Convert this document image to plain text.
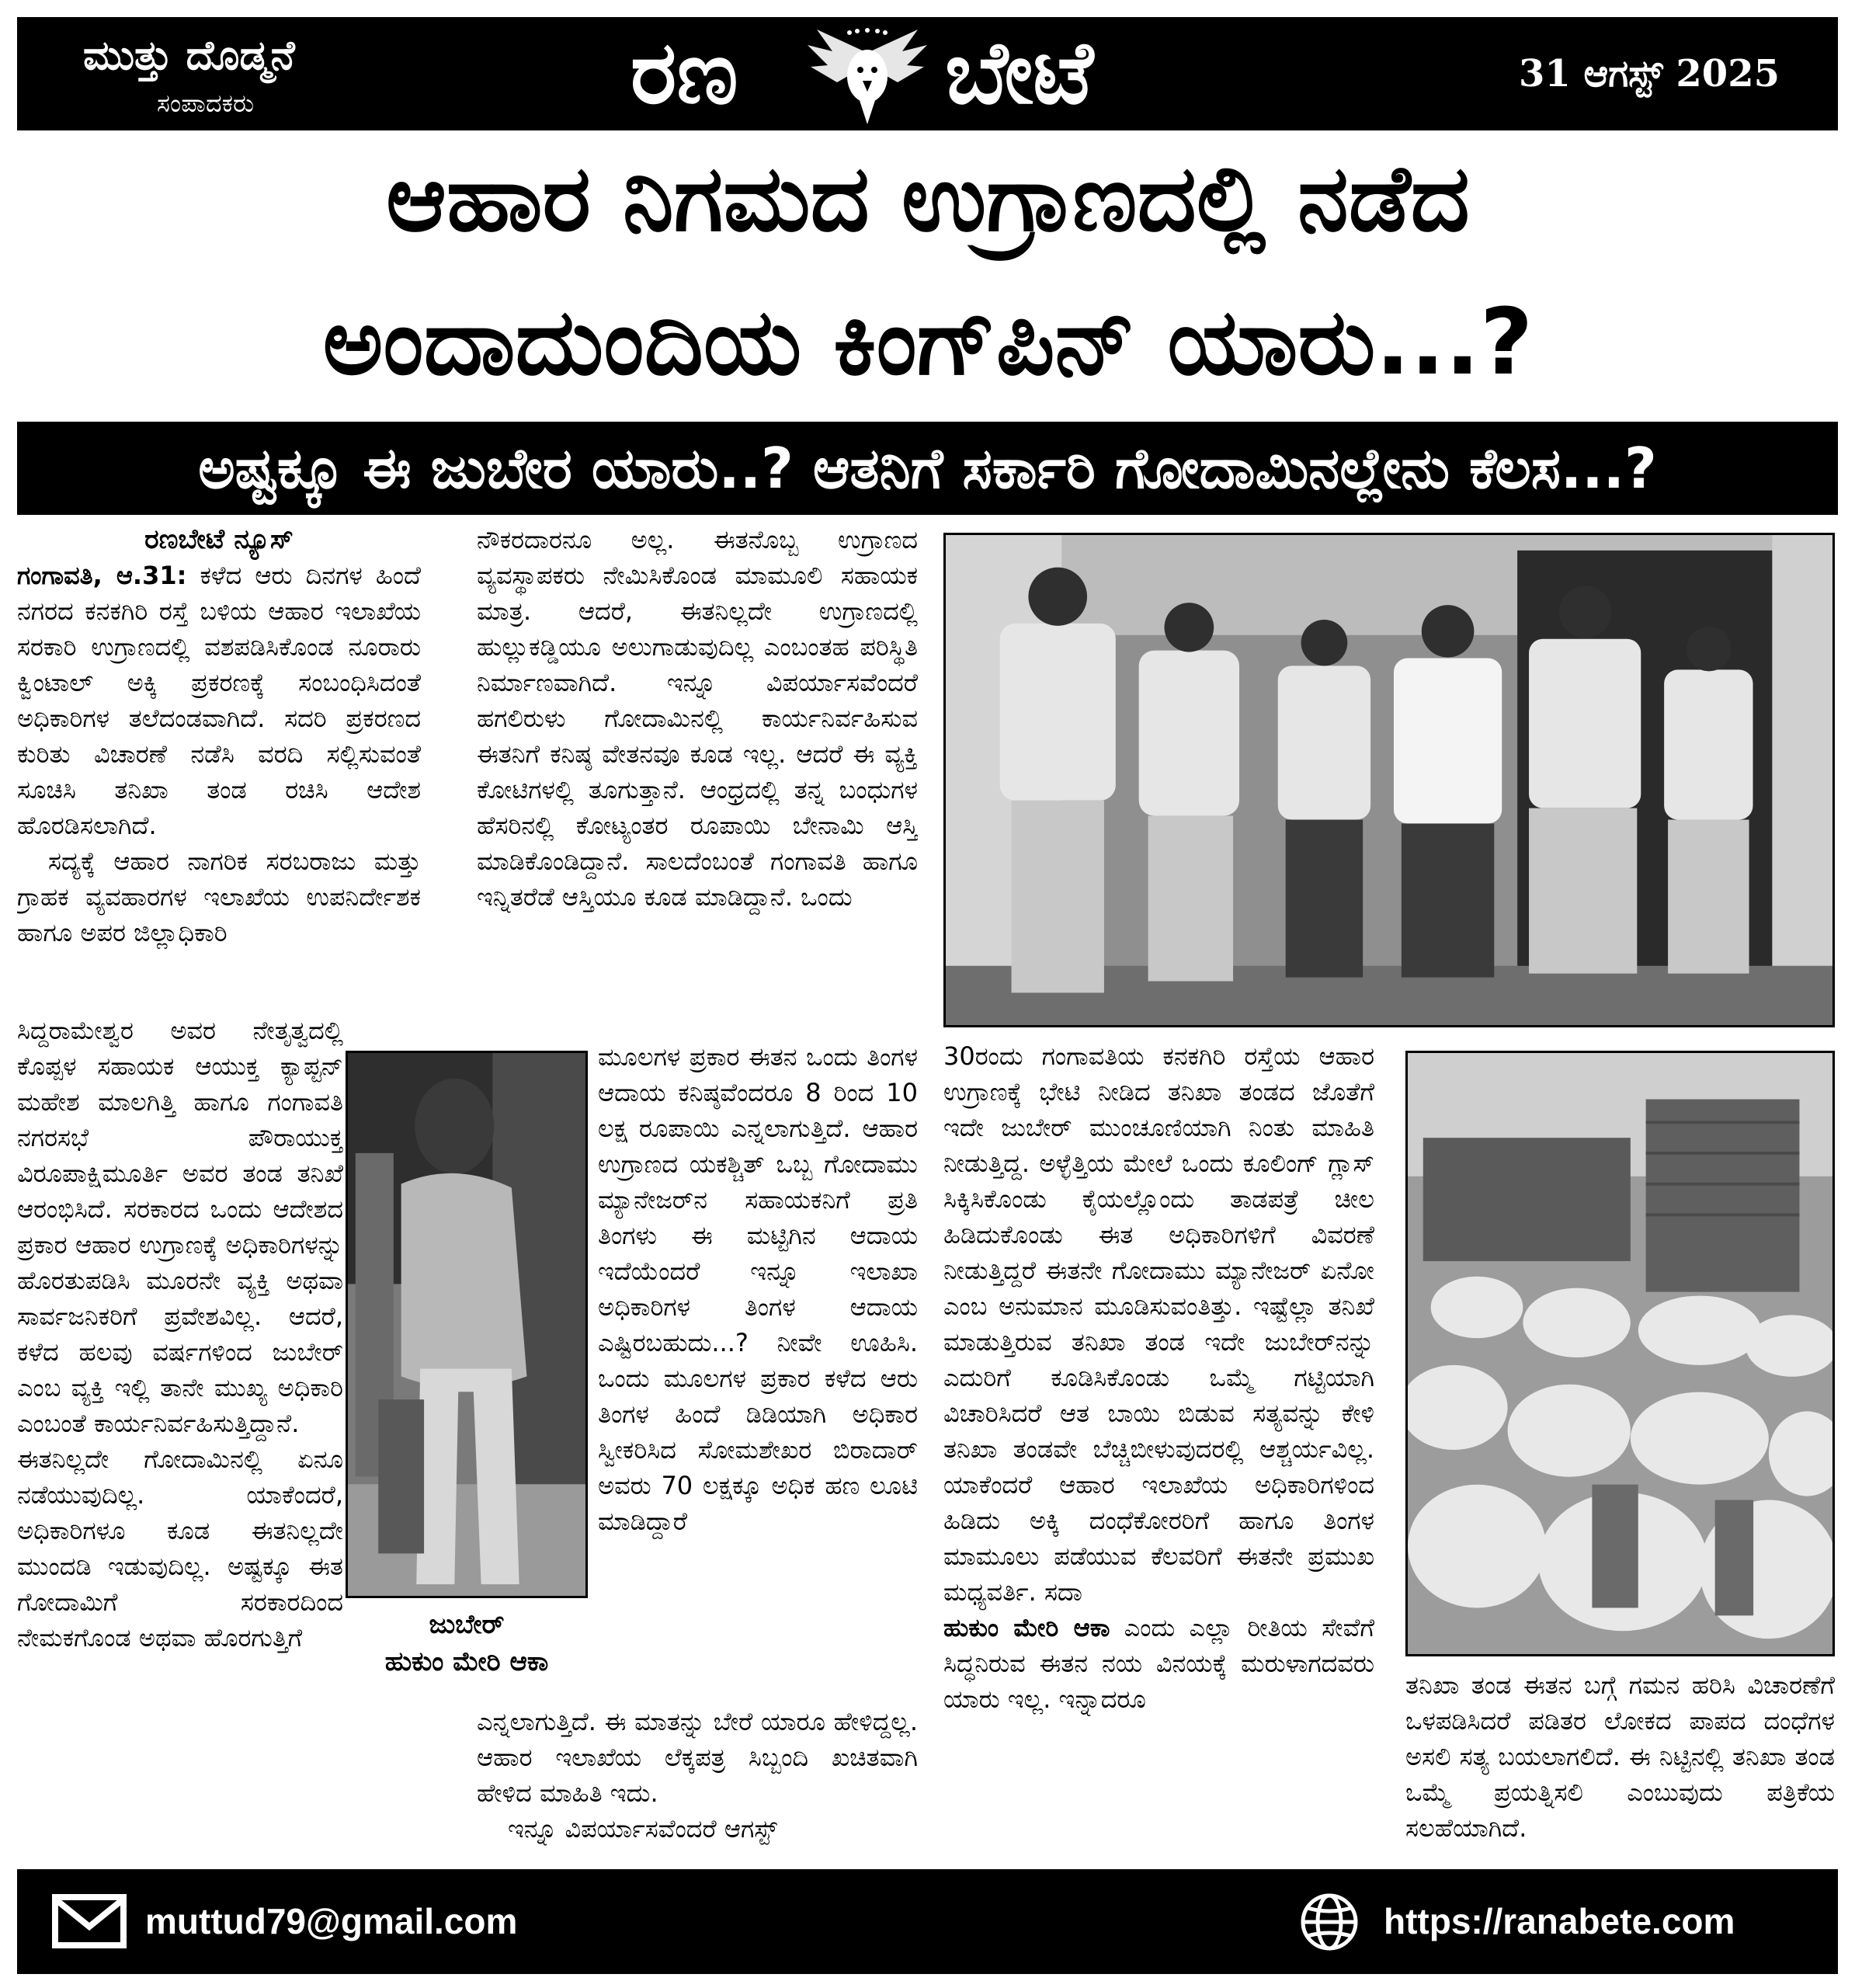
ಮುತ್ತು ದೊಡ್ಮನೆ
ಸಂಪಾದಕರು	ರಣ ಬೇಟೆ	31 ಆಗಸ್ಟ್ 2025
ಆಹಾರ ನಿಗಮದ ಉಗ್ರಾಣದಲ್ಲಿ ನಡೆದ
ಅಂದಾದುಂದಿಯ ಕಿಂಗ್‌ಪಿನ್ ಯಾರು...?
ಅಷ್ಟಕ್ಕೂ ಈ ಜುಬೇರ ಯಾರು..? ಆತನಿಗೆ ಸರ್ಕಾರಿ ಗೋದಾಮಿನಲ್ಲೇನು ಕೆಲಸ...?

ರಣಬೇಟೆ ನ್ಯೂಸ್

ಗಂಗಾವತಿ, ಆ.31: ಕಳೆದ ಆರು ದಿನಗಳ ಹಿಂದೆ ನಗರದ ಕನಕಗಿರಿ ರಸ್ತೆ ಬಳಿಯ ಆಹಾರ ಇಲಾಖೆಯ ಸರಕಾರಿ ಉಗ್ರಾಣದಲ್ಲಿ ವಶಪಡಿಸಿಕೊಂಡ ನೂರಾರು ಕ್ವಿಂಟಾಲ್ ಅಕ್ಕಿ ಪ್ರಕರಣಕ್ಕೆ ಸಂಬಂಧಿಸಿದಂತೆ ಅಧಿಕಾರಿಗಳ ತಲೆದಂಡವಾಗಿದೆ. ಸದರಿ ಪ್ರಕರಣದ ಕುರಿತು ವಿಚಾರಣೆ ನಡೆಸಿ ವರದಿ ಸಲ್ಲಿಸುವಂತೆ ಸೂಚಿಸಿ ತನಿಖಾ ತಂಡ ರಚಿಸಿ ಆದೇಶ ಹೊರಡಿಸಲಾಗಿದೆ.

ಸದ್ಯಕ್ಕೆ ಆಹಾರ ನಾಗರಿಕ ಸರಬರಾಜು ಮತ್ತು ಗ್ರಾಹಕ ವ್ಯವಹಾರಗಳ ಇಲಾಖೆಯ ಉಪನಿರ್ದೇಶಕ ಹಾಗೂ ಅಪರ ಜಿಲ್ಲಾಧಿಕಾರಿ

ಸಿದ್ದರಾಮೇಶ್ವರ ಅವರ ನೇತೃತ್ವದಲ್ಲಿ ಕೊಪ್ಪಳ ಸಹಾಯಕ ಆಯುಕ್ತ ಕ್ಯಾಪ್ಟನ್ ಮಹೇಶ ಮಾಲಗಿತ್ತಿ ಹಾಗೂ ಗಂಗಾವತಿ ನಗರಸಭೆ ಪೌರಾಯುಕ್ತ ವಿರೂಪಾಕ್ಷಿಮೂರ್ತಿ ಅವರ ತಂಡ ತನಿಖೆ ಆರಂಭಿಸಿದೆ. ಸರಕಾರದ ಒಂದು ಆದೇಶದ ಪ್ರಕಾರ ಆಹಾರ ಉಗ್ರಾಣಕ್ಕೆ ಅಧಿಕಾರಿಗಳನ್ನು ಹೊರತುಪಡಿಸಿ ಮೂರನೇ ವ್ಯಕ್ತಿ ಅಥವಾ ಸಾರ್ವಜನಿಕರಿಗೆ ಪ್ರವೇಶವಿಲ್ಲ. ಆದರೆ, ಕಳೆದ ಹಲವು ವರ್ಷಗಳಿಂದ ಜುಬೇರ್ ಎಂಬ ವ್ಯಕ್ತಿ ಇಲ್ಲಿ ತಾನೇ ಮುಖ್ಯ ಅಧಿಕಾರಿ ಎಂಬಂತೆ ಕಾರ್ಯನಿರ್ವಹಿಸುತ್ತಿದ್ದಾನೆ.

ಈತನಿಲ್ಲದೇ ಗೋದಾಮಿನಲ್ಲಿ ಏನೂ ನಡೆಯುವುದಿಲ್ಲ. ಯಾಕೆಂದರೆ, ಅಧಿಕಾರಿಗಳೂ ಕೂಡ ಈತನಿಲ್ಲದೇ ಮುಂದಡಿ ಇಡುವುದಿಲ್ಲ. ಅಷ್ಟಕ್ಕೂ ಈತ ಗೋದಾಮಿಗೆ ಸರಕಾರದಿಂದ ನೇಮಕಗೊಂಡ ಅಥವಾ ಹೊರಗುತ್ತಿಗೆ	ಜುಬೇರ್
ಹುಕುಂ ಮೇರಿ ಆಕಾ

ನೌಕರದಾರನೂ ಅಲ್ಲ. ಈತನೊಬ್ಬ ಉಗ್ರಾಣದ ವ್ಯವಸ್ಥಾಪಕರು ನೇಮಿಸಿಕೊಂಡ ಮಾಮೂಲಿ ಸಹಾಯಕ ಮಾತ್ರ. ಆದರೆ, ಈತನಿಲ್ಲದೇ ಉಗ್ರಾಣದಲ್ಲಿ ಹುಲ್ಲುಕಡ್ಡಿಯೂ ಅಲುಗಾಡುವುದಿಲ್ಲ ಎಂಬಂತಹ ಪರಿಸ್ಥಿತಿ ನಿರ್ಮಾಣವಾಗಿದೆ. ಇನ್ನೂ ವಿಪರ್ಯಾಸವೆಂದರೆ ಹಗಲಿರುಳು ಗೋದಾಮಿನಲ್ಲಿ ಕಾರ್ಯನಿರ್ವಹಿಸುವ ಈತನಿಗೆ ಕನಿಷ್ಠ ವೇತನವೂ ಕೂಡ ಇಲ್ಲ. ಆದರೆ ಈ ವ್ಯಕ್ತಿ ಕೋಟಿಗಳಲ್ಲಿ ತೂಗುತ್ತಾನೆ. ಆಂಧ್ರದಲ್ಲಿ ತನ್ನ ಬಂಧುಗಳ ಹೆಸರಿನಲ್ಲಿ ಕೋಟ್ಯಂತರ ರೂಪಾಯಿ ಬೇನಾಮಿ ಆಸ್ತಿ ಮಾಡಿಕೊಂಡಿದ್ದಾನೆ. ಸಾಲದೆಂಬಂತೆ ಗಂಗಾವತಿ ಹಾಗೂ ಇನ್ನಿತರೆಡೆ ಆಸ್ತಿಯೂ ಕೂಡ ಮಾಡಿದ್ದಾನೆ. ಒಂದು

ಮೂಲಗಳ ಪ್ರಕಾರ ಈತನ ಒಂದು ತಿಂಗಳ ಆದಾಯ ಕನಿಷ್ಠವೆಂದರೂ 8 ರಿಂದ 10 ಲಕ್ಷ ರೂಪಾಯಿ ಎನ್ನಲಾಗುತ್ತಿದೆ. ಆಹಾರ ಉಗ್ರಾಣದ ಯಕಶ್ಚಿತ್ ಒಬ್ಬ ಗೋದಾಮು ಮ್ಯಾನೇಜರ್‌ನ ಸಹಾಯಕನಿಗೆ ಪ್ರತಿ ತಿಂಗಳು ಈ ಮಟ್ಟಿಗಿನ ಆದಾಯ ಇದೆಯೆಂದರೆ ಇನ್ನೂ ಇಲಾಖಾ ಅಧಿಕಾರಿಗಳ ತಿಂಗಳ ಆದಾಯ ಎಷ್ಟಿರಬಹುದು...? ನೀವೇ ಊಹಿಸಿ. ಒಂದು ಮೂಲಗಳ ಪ್ರಕಾರ ಕಳೆದ ಆರು ತಿಂಗಳ ಹಿಂದೆ ಡಿಡಿಯಾಗಿ ಅಧಿಕಾರ ಸ್ವೀಕರಿಸಿದ ಸೋಮಶೇಖರ ಬಿರಾದಾರ್ ಅವರು 70 ಲಕ್ಷಕ್ಕೂ ಅಧಿಕ ಹಣ ಲೂಟಿ ಮಾಡಿದ್ದಾರೆ

ಎನ್ನಲಾಗುತ್ತಿದೆ. ಈ ಮಾತನ್ನು ಬೇರೆ ಯಾರೂ ಹೇಳಿದ್ದಲ್ಲ. ಆಹಾರ ಇಲಾಖೆಯ ಲೆಕ್ಕಪತ್ರ ಸಿಬ್ಬಂದಿ ಖಚಿತವಾಗಿ ಹೇಳಿದ ಮಾಹಿತಿ ಇದು.

ಇನ್ನೂ ವಿಪರ್ಯಾಸವೆಂದರೆ ಆಗಸ್ಟ್

30ರಂದು ಗಂಗಾವತಿಯ ಕನಕಗಿರಿ ರಸ್ತೆಯ ಆಹಾರ ಉಗ್ರಾಣಕ್ಕೆ ಭೇಟಿ ನೀಡಿದ ತನಿಖಾ ತಂಡದ ಜೊತೆಗೆ ಇದೇ ಜುಬೇರ್ ಮುಂಚೂಣಿಯಾಗಿ ನಿಂತು ಮಾಹಿತಿ ನೀಡುತ್ತಿದ್ದ. ಅಳ್ಳೆತ್ತಿಯ ಮೇಲೆ ಒಂದು ಕೂಲಿಂಗ್ ಗ್ಲಾಸ್ ಸಿಕ್ಕಿಸಿಕೊಂಡು ಕೈಯಲ್ಲೊಂದು ತಾಡಪತ್ರೆ ಚೀಲ ಹಿಡಿದುಕೊಂಡು ಈತ ಅಧಿಕಾರಿಗಳಿಗೆ ವಿವರಣೆ ನೀಡುತ್ತಿದ್ದರೆ ಈತನೇ ಗೋದಾಮು ಮ್ಯಾನೇಜರ್ ಏನೋ ಎಂಬ ಅನುಮಾನ ಮೂಡಿಸುವಂತಿತ್ತು. ಇಷ್ಟೆಲ್ಲಾ ತನಿಖೆ ಮಾಡುತ್ತಿರುವ ತನಿಖಾ ತಂಡ ಇದೇ ಜುಬೇರ್‌ನನ್ನು ಎದುರಿಗೆ ಕೂಡಿಸಿಕೊಂಡು ಒಮ್ಮೆ ಗಟ್ಟಿಯಾಗಿ ವಿಚಾರಿಸಿದರೆ ಆತ ಬಾಯಿ ಬಿಡುವ ಸತ್ಯವನ್ನು ಕೇಳಿ ತನಿಖಾ ತಂಡವೇ ಬೆಚ್ಚಿಬೀಳುವುದರಲ್ಲಿ ಆಶ್ಚರ್ಯವಿಲ್ಲ. ಯಾಕೆಂದರೆ ಆಹಾರ ಇಲಾಖೆಯ ಅಧಿಕಾರಿಗಳಿಂದ ಹಿಡಿದು ಅಕ್ಕಿ ದಂಧೆಕೋರರಿಗೆ ಹಾಗೂ ತಿಂಗಳ ಮಾಮೂಲು ಪಡೆಯುವ ಕೆಲವರಿಗೆ ಈತನೇ ಪ್ರಮುಖ ಮಧ್ಯವರ್ತಿ. ಸದಾ

ಹುಕುಂ ಮೇರಿ ಆಕಾ ಎಂದು ಎಲ್ಲಾ ರೀತಿಯ ಸೇವೆಗೆ ಸಿದ್ಧನಿರುವ ಈತನ ನಯ ವಿನಯಕ್ಕೆ ಮರುಳಾಗದವರು ಯಾರು ಇಲ್ಲ. ಇನ್ನಾದರೂ	ತನಿಖಾ ತಂಡ ಈತನ ಬಗ್ಗೆ ಗಮನ ಹರಿಸಿ ವಿಚಾರಣೆಗೆ ಒಳಪಡಿಸಿದರೆ ಪಡಿತರ ಲೋಕದ ಪಾಪದ ದಂಧೆಗಳ ಅಸಲಿ ಸತ್ಯ ಬಯಲಾಗಲಿದೆ. ಈ ನಿಟ್ಟಿನಲ್ಲಿ ತನಿಖಾ ತಂಡ ಒಮ್ಮೆ ಪ್ರಯತ್ನಿಸಲಿ ಎಂಬುವುದು ಪತ್ರಿಕೆಯ ಸಲಹೆಯಾಗಿದೆ.

muttud79@gmail.com	https://ranabete.com
